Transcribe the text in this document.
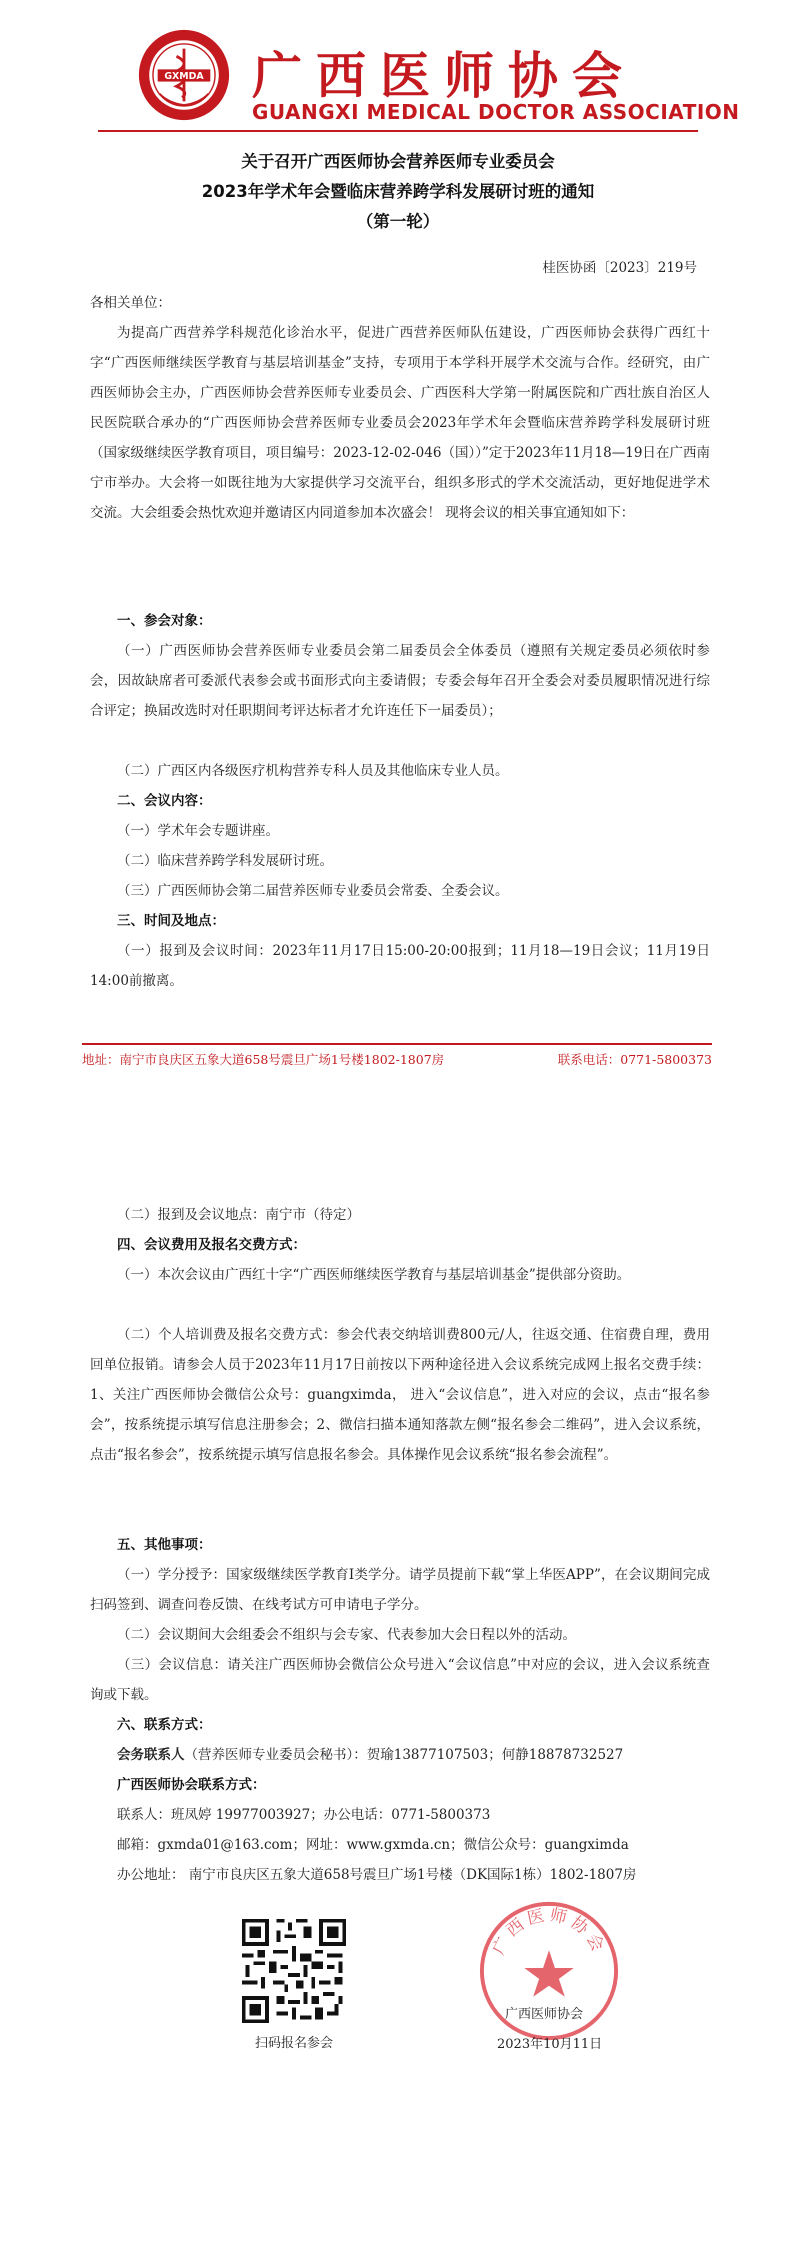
GXMDA 广西医师协会
GUANGXI MEDICAL DOCTOR ASSOCIATION
关于召开广西医师协会营养医师专业委员会
2023年学术年会暨临床营养跨学科发展研讨班的通知
（第一轮）
桂医协函〔2023〕219号
各相关单位：

为提高广西营养学科规范化诊治水平，促进广西营养医师队伍建设，广西医师协会获得广西红十字“广西医师继续医学教育与基层培训基金”支持，专项用于本学科开展学术交流与合作。经研究，由广西医师协会主办，广西医师协会营养医师专业委员会、广西医科大学第一附属医院和广西壮族自治区人民医院联合承办的“广西医师协会营养医师专业委员会2023年学术年会暨临床营养跨学科发展研讨班（国家级继续医学教育项目，项目编号：2023-12-02-046（国））”定于2023年11月18—19日在广西南宁市举办。大会将一如既往地为大家提供学习交流平台，组织多形式的学术交流活动，更好地促进学术交流。大会组委会热忱欢迎并邀请区内同道参加本次盛会！ 现将会议的相关事宜通知如下：

一、参会对象：

（一）广西医师协会营养医师专业委员会第二届委员会全体委员（遵照有关规定委员必须依时参会，因故缺席者可委派代表参会或书面形式向主委请假；专委会每年召开全委会对委员履职情况进行综合评定；换届改选时对任职期间考评达标者才允许连任下一届委员）；

（二）广西区内各级医疗机构营养专科人员及其他临床专业人员。
二、会议内容：
（一）学术年会专题讲座。
（二）临床营养跨学科发展研讨班。
（三）广西医师协会第二届营养医师专业委员会常委、全委会议。
三、时间及地点：

（一）报到及会议时间：2023年11月17日15:00-20:00报到；11月18—19日会议；11月19日14:00前撤离。

地址：南宁市良庆区五象大道658号震旦广场1号楼1802-1807房	联系电话：0771-5800373
（二）报到及会议地点：南宁市（待定）
四、会议费用及报名交费方式：

（一）本次会议由广西红十字“广西医师继续医学教育与基层培训基金”提供部分资助。

（二）个人培训费及报名交费方式：参会代表交纳培训费800元/人，往返交通、住宿费自理，费用回单位报销。请参会人员于2023年11月17日前按以下两种途径进入会议系统完成网上报名交费手续：1、关注广西医师协会微信公众号：guangximda， 进入“会议信息”，进入对应的会议，点击“报名参会”，按系统提示填写信息注册参会；2、微信扫描本通知落款左侧“报名参会二维码”，进入会议系统，点击“报名参会”，按系统提示填写信息报名参会。具体操作见会议系统“报名参会流程”。

五、其他事项：

（一）学分授予：国家级继续医学教育Ⅰ类学分。请学员提前下载“掌上华医APP”，在会议期间完成扫码签到、调查问卷反馈、在线考试方可申请电子学分。

（二）会议期间大会组委会不组织与会专家、代表参加大会日程以外的活动。

（三）会议信息：请关注广西医师协会微信公众号进入“会议信息”中对应的会议，进入会议系统查询或下载。

六、联系方式：
会务联系人（营养医师专业委员会秘书）：贺瑜13877107503；何静18878732527
广西医师协会联系方式：
联系人：班凤婷 19977003927；办公电话：0771-5800373
邮箱：gxmda01@163.com；网址：www.gxmda.cn；微信公众号：guangximda
办公地址： 南宁市良庆区五象大道658号震旦广场1号楼（DK国际1栋）1802-1807房
扫码报名参会
广西医师协会
广西医师协会
2023年10月11日
